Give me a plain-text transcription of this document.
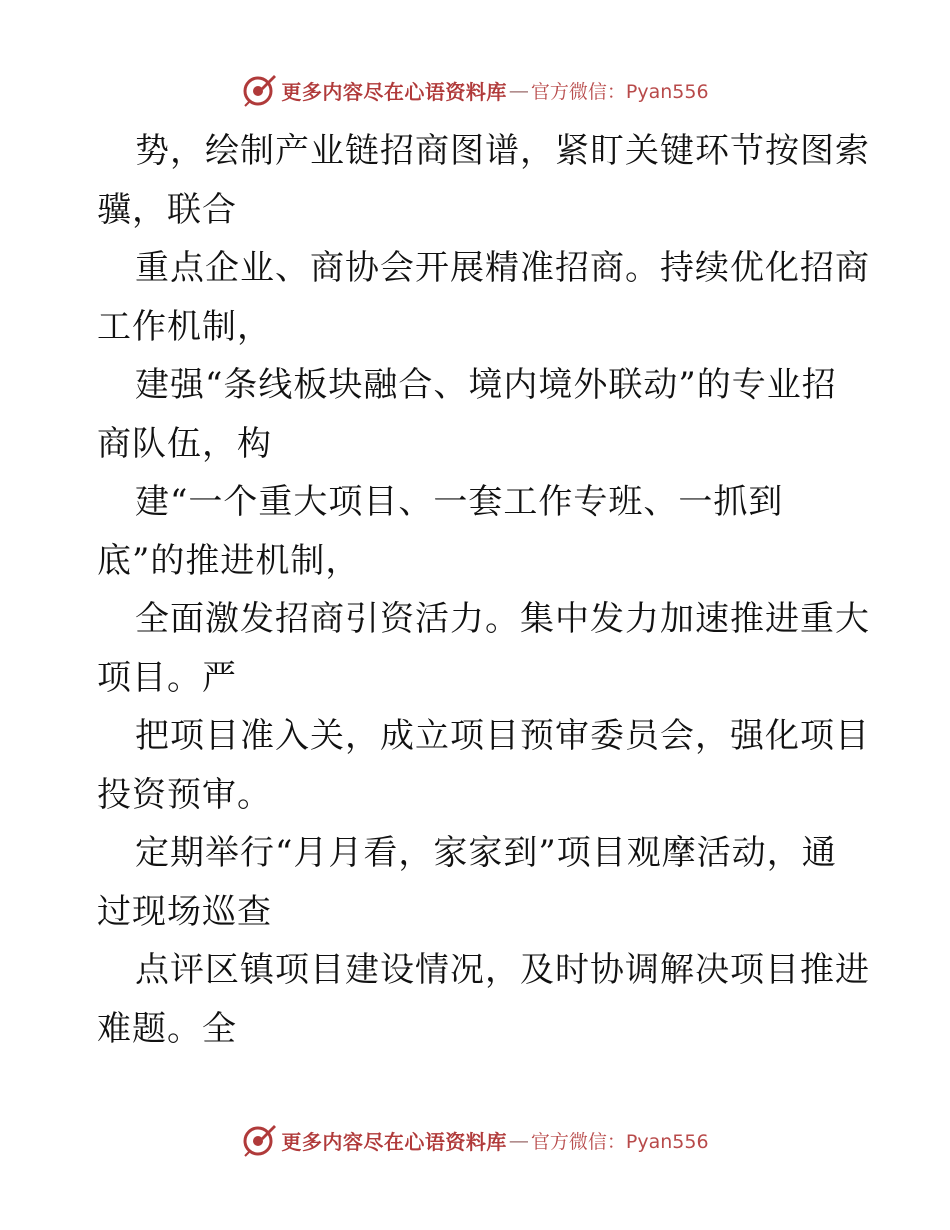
更多内容尽在心语资料库 — 官方微信：Pyan556
势，绘制产业链招商图谱，紧盯关键环节按图索
骥，联合
重点企业、商协会开展精准招商。持续优化招商
工作机制，
建强“条线板块融合、境内境外联动”的专业招
商队伍，构
建“一个重大项目、一套工作专班、一抓到
底”的推进机制，
全面激发招商引资活力。集中发力加速推进重大
项目。严
把项目准入关，成立项目预审委员会，强化项目
投资预审。
定期举行“月月看，家家到”项目观摩活动，通
过现场巡查
点评区镇项目建设情况，及时协调解决项目推进
难题。全
更多内容尽在心语资料库 — 官方微信：Pyan556
